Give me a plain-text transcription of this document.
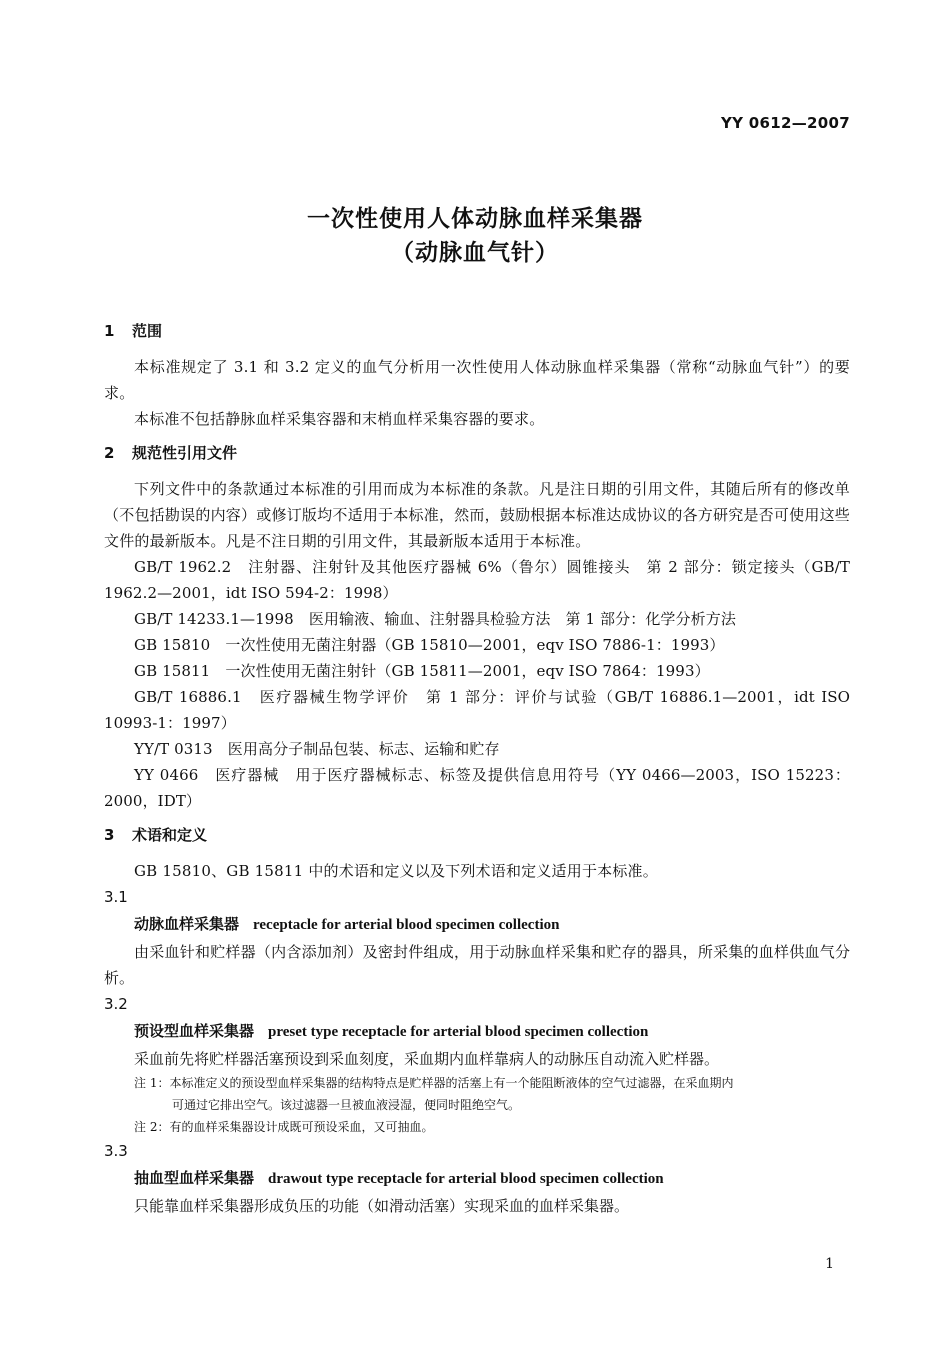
YY 0612—2007
一次性使用人体动脉血样采集器
（动脉血气针）
1 范围
本标准规定了 3.1 和 3.2 定义的血气分析用一次性使用人体动脉血样采集器（常称“动脉血气针”）的要求。
本标准不包括静脉血样采集容器和末梢血样采集容器的要求。
2 规范性引用文件
下列文件中的条款通过本标准的引用而成为本标准的条款。凡是注日期的引用文件，其随后所有的修改单（不包括勘误的内容）或修订版均不适用于本标准，然而，鼓励根据本标准达成协议的各方研究是否可使用这些文件的最新版本。凡是不注日期的引用文件，其最新版本适用于本标准。
GB/T 1962.2　注射器、注射针及其他医疗器械 6%（鲁尔）圆锥接头　第 2 部分：锁定接头（GB/T 1962.2—2001，idt ISO 594-2：1998）
GB/T 14233.1—1998　医用输液、输血、注射器具检验方法　第 1 部分：化学分析方法
GB 15810　一次性使用无菌注射器（GB 15810—2001，eqv ISO 7886-1：1993）
GB 15811　一次性使用无菌注射针（GB 15811—2001，eqv ISO 7864：1993）
GB/T 16886.1　医疗器械生物学评价　第 1 部分：评价与试验（GB/T 16886.1—2001，idt ISO 10993-1：1997）
YY/T 0313　医用高分子制品包装、标志、运输和贮存
YY 0466　医疗器械　用于医疗器械标志、标签及提供信息用符号（YY 0466—2003，ISO 15223：2000，IDT）
3 术语和定义
GB 15810、GB 15811 中的术语和定义以及下列术语和定义适用于本标准。
3.1
动脉血样采集器 receptacle for arterial blood specimen collection
由采血针和贮样器（内含添加剂）及密封件组成，用于动脉血样采集和贮存的器具，所采集的血样供血气分析。
3.2
预设型血样采集器 preset type receptacle for arterial blood specimen collection
采血前先将贮样器活塞预设到采血刻度，采血期内血样靠病人的动脉压自动流入贮样器。
注 1：本标准定义的预设型血样采集器的结构特点是贮样器的活塞上有一个能阻断液体的空气过滤器，在采血期内
可通过它排出空气。该过滤器一旦被血液浸湿，便同时阻绝空气。
注 2：有的血样采集器设计成既可预设采血，又可抽血。
3.3
抽血型血样采集器 drawout type receptacle for arterial blood specimen collection
只能靠血样采集器形成负压的功能（如滑动活塞）实现采血的血样采集器。
1
